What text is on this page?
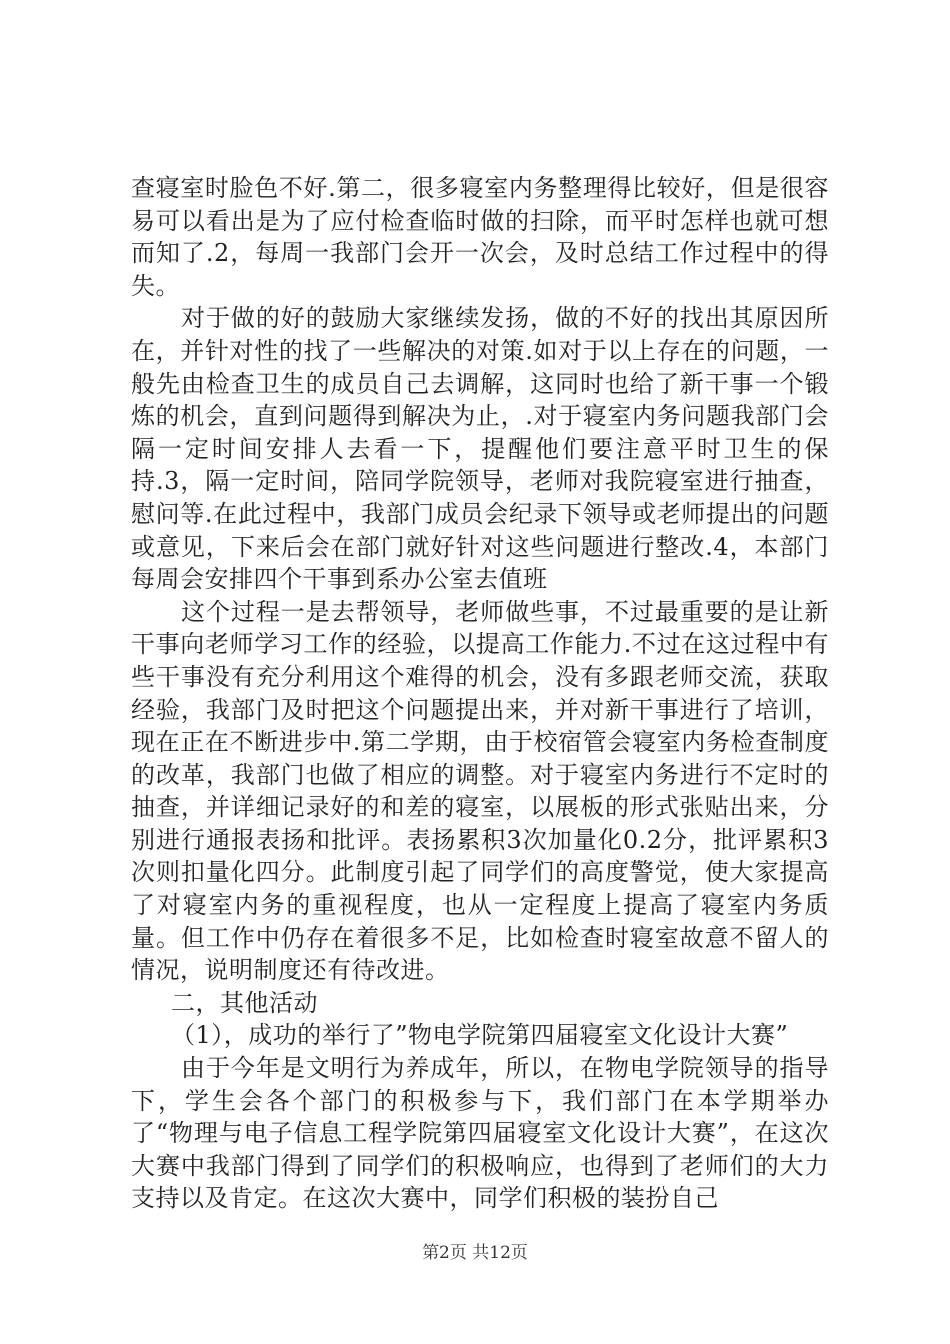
查寝室时脸色不好.第二，很多寝室内务整理得比较好，但是很容易可以看出是为了应付检查临时做的扫除，而平时怎样也就可想而知了.2，每周一我部门会开一次会，及时总结工作过程中的得失。

对于做的好的鼓励大家继续发扬，做的不好的找出其原因所在，并针对性的找了一些解决的对策.如对于以上存在的问题，一般先由检查卫生的成员自己去调解，这同时也给了新干事一个锻炼的机会，直到问题得到解决为止，.对于寝室内务问题我部门会隔一定时间安排人去看一下，提醒他们要注意平时卫生的保持.3，隔一定时间，陪同学院领导，老师对我院寝室进行抽查，慰问等.在此过程中，我部门成员会纪录下领导或老师提出的问题或意见，下来后会在部门就好针对这些问题进行整改.4，本部门每周会安排四个干事到系办公室去值班

这个过程一是去帮领导，老师做些事，不过最重要的是让新干事向老师学习工作的经验，以提高工作能力.不过在这过程中有些干事没有充分利用这个难得的机会，没有多跟老师交流，获取经验，我部门及时把这个问题提出来，并对新干事进行了培训，现在正在不断进步中.第二学期，由于校宿管会寝室内务检查制度的改革，我部门也做了相应的调整。对于寝室内务进行不定时的抽查，并详细记录好的和差的寝室，以展板的形式张贴出来，分别进行通报表扬和批评。表扬累积3次加量化0.2分，批评累积3次则扣量化四分。此制度引起了同学们的高度警觉，使大家提高了对寝室内务的重视程度，也从一定程度上提高了寝室内务质量。但工作中仍存在着很多不足，比如检查时寝室故意不留人的情况，说明制度还有待改进。

二，其他活动

（1），成功的举行了”物电学院第四届寝室文化设计大赛”

由于今年是文明行为养成年，所以，在物电学院领导的指导下，学生会各个部门的积极参与下，我们部门在本学期举办了“物理与电子信息工程学院第四届寝室文化设计大赛”，在这次大赛中我部门得到了同学们的积极响应，也得到了老师们的大力支持以及肯定。在这次大赛中，同学们积极的装扮自己

第2页 共12页
